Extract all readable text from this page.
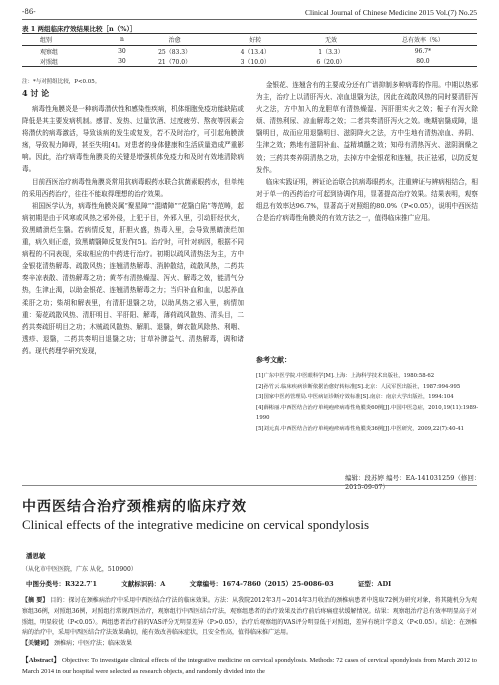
-86-	Clinical Journal of Chinese Medicine 2015 Vol.(7) No.25
表 1 两组临床疗效结果比较［n（%）］
组别	n	治愈	好转	无效	总有效率（%）
观察组	30	25（83.3）	4（13.4）	1（3.3）	96.7*
对照组	30	21（70.0）	3（10.0）	6（20.0）	80.0
注：*与对照组比较，P<0.05。
4 讨 论

病毒性角膜炎是一种病毒潜伏性和感染性疾病，机体细胞免疫功能缺陷或降低是其主要发病机制。感冒、发热、过量饮酒、过度疲劳、熬夜等因素会将潜伏的病毒激活，导致该病的发生或复发，若不及时治疗，可引起角膜溃疡，导致视力障碍，甚至失明[4]。对患者的身体健康和生活质量造成严重影响。因此，治疗病毒性角膜炎的关键是增强机体免疫力和及时有效地清除病毒。

目前西医治疗病毒性角膜炎常用抗病毒眼药水联合抗菌素眼药水，但单纯的采用西药治疗，往往不能取得理想的治疗效果。

祖国医学认为，病毒性角膜炎属“聚星障”“混睛障”“花翳白陷”等范畴，起病初期是由于风寒或风热之邪外侵，上犯于目，外邪入里，引动肝经伏火，致黑睛溃烂生翳。若病情反复，肝胆火盛，热毒入里，会导致黑睛溃烂加重，病久则正虚，致黑睛翳障反复发作[5]。治疗时，可针对病因，根据不同病程的不同表现，采取相应的中药进行治疗。初期以疏风清热法为主，方中金银花清热解毒、疏散风热；连翘清热解毒、消肿散结，疏散风热，二药共奏辛凉表散、清热解毒之功；黄芩有清热燥湿、泻火、解毒之效，能清气分热，生津止渴，以助金银花、连翘清热解毒之力；当归补血和血，以起养血柔肝之功；柴胡和解表里，有清肝退翳之功，以助风热之邪入里，病情加重：菊花疏散风热、清肝明目、平肝阳、解毒，薄荷疏风散热、清头目，二药共奏疏肝明目之功；木贼疏风散热、解肌、退翳，蝉衣散风除热、利咽、透疹、退翳，二药共奏明目退翳之功；甘草补脾益气、清热解毒，调和诸药。现代药理学研究发现，

金银花、连翘含有的主要成分还有广谱抑制多种病毒的作用。中期以热邪为主，治疗上以清肝泻火、凉血退翳为法，因此在疏散风热的同时要清肝泻火之法，方中加入的龙胆草有清热燥湿、泻肝胆实火之效；栀子有泻火除烦、清热利尿、凉血解毒之效；二者共奏清肝泻火之效。晚期宿翳成障，退翳明目，故而应用退翳明目、滋阴降火之法，方中生地有清热凉血、养阴、生津之效；熟地有滋阴补血、益精填髓之效；知母有清热泻火、滋阴润燥之效；三药共奏养阴清热之功，去掉方中金银花和连翘，扶正祛邪，以防反复发作。

临床实践证明，辨证论治联合抗病毒眼药水，注重辨证与辨病相结合，相对于单一的西药治疗可起到协调作用，显著提高治疗效果。结果表明，观察组总有效率达96.7%，显著高于对照组的80.0%（P<0.05），说明中西医结合是治疗病毒性角膜炎的有效方法之一，值得临床推广应用。

参考文献：
[1]广东中医学院.中医眼科学[M].上海：上海科学技术出版社，1980:58-62
[2]孙竹云.临床疾病诊断依据治愈好转标准[S].北京：人民军医出版社，1987:994-995
[3]国家中医药管理局.中医病证诊断疗效标准[S].南京：南京大学出版社，1994:104
[4]薛彬丽.中西医结合治疗单纯疱疹病毒性角膜炎60例[J].中国中医急症，2010,19(11):1989-1990
[5]刘元真.中西医结合治疗单纯疱疹病毒性角膜炎36例[J].中医研究，2009,22(7):40-41
编辑：段苏婷 编号：EA-141031259（修回：2015-09-07）
中西医结合治疗颈椎病的临床疗效
Clinical effects of the integrative medicine on cervical spondylosis
潘思敏
（从化市中医医院，广东 从化，510900）
中图分类号：R322.7′1	文献标识码：A	文章编号：1674-7860（2015）25-0086-03	证型：ADI
【摘 要】 目的：探讨在颈椎病治疗中采用中西医结合疗法的临床效果。方法：从我院2012年3月~2014年3月收治的颈椎病患者中选取72例为研究对象，将其随机分为观察组36例，对照组36例，对照组行常规西医治疗，观察组行中西医结合疗法，观察组患者的治疗效果及治疗前后疼痛症状缓解情况。结果：观察组治疗总有效率明显高于对照组，明显较优（P<0.05）。两组患者治疗前的VAS评分无明显差异（P>0.05），治疗后观察组的VAS评分明显低于对照组，差异有统计学意义（P<0.05）。结论：在颈椎病的治疗中，采用中西医结合疗法效果确切，能有效改善临床症状，且安全性高，值得临床推广运用。
【关键词】 颈椎病；中医疗法；临床效果
【Abstract】 Objective: To investigate clinical effects of the integrative medicine on cervical spondylosis. Methods: 72 cases of cervical spondylosis from March 2012 to March 2014 in our hospital were selected as research objects, and randomly divided into the
